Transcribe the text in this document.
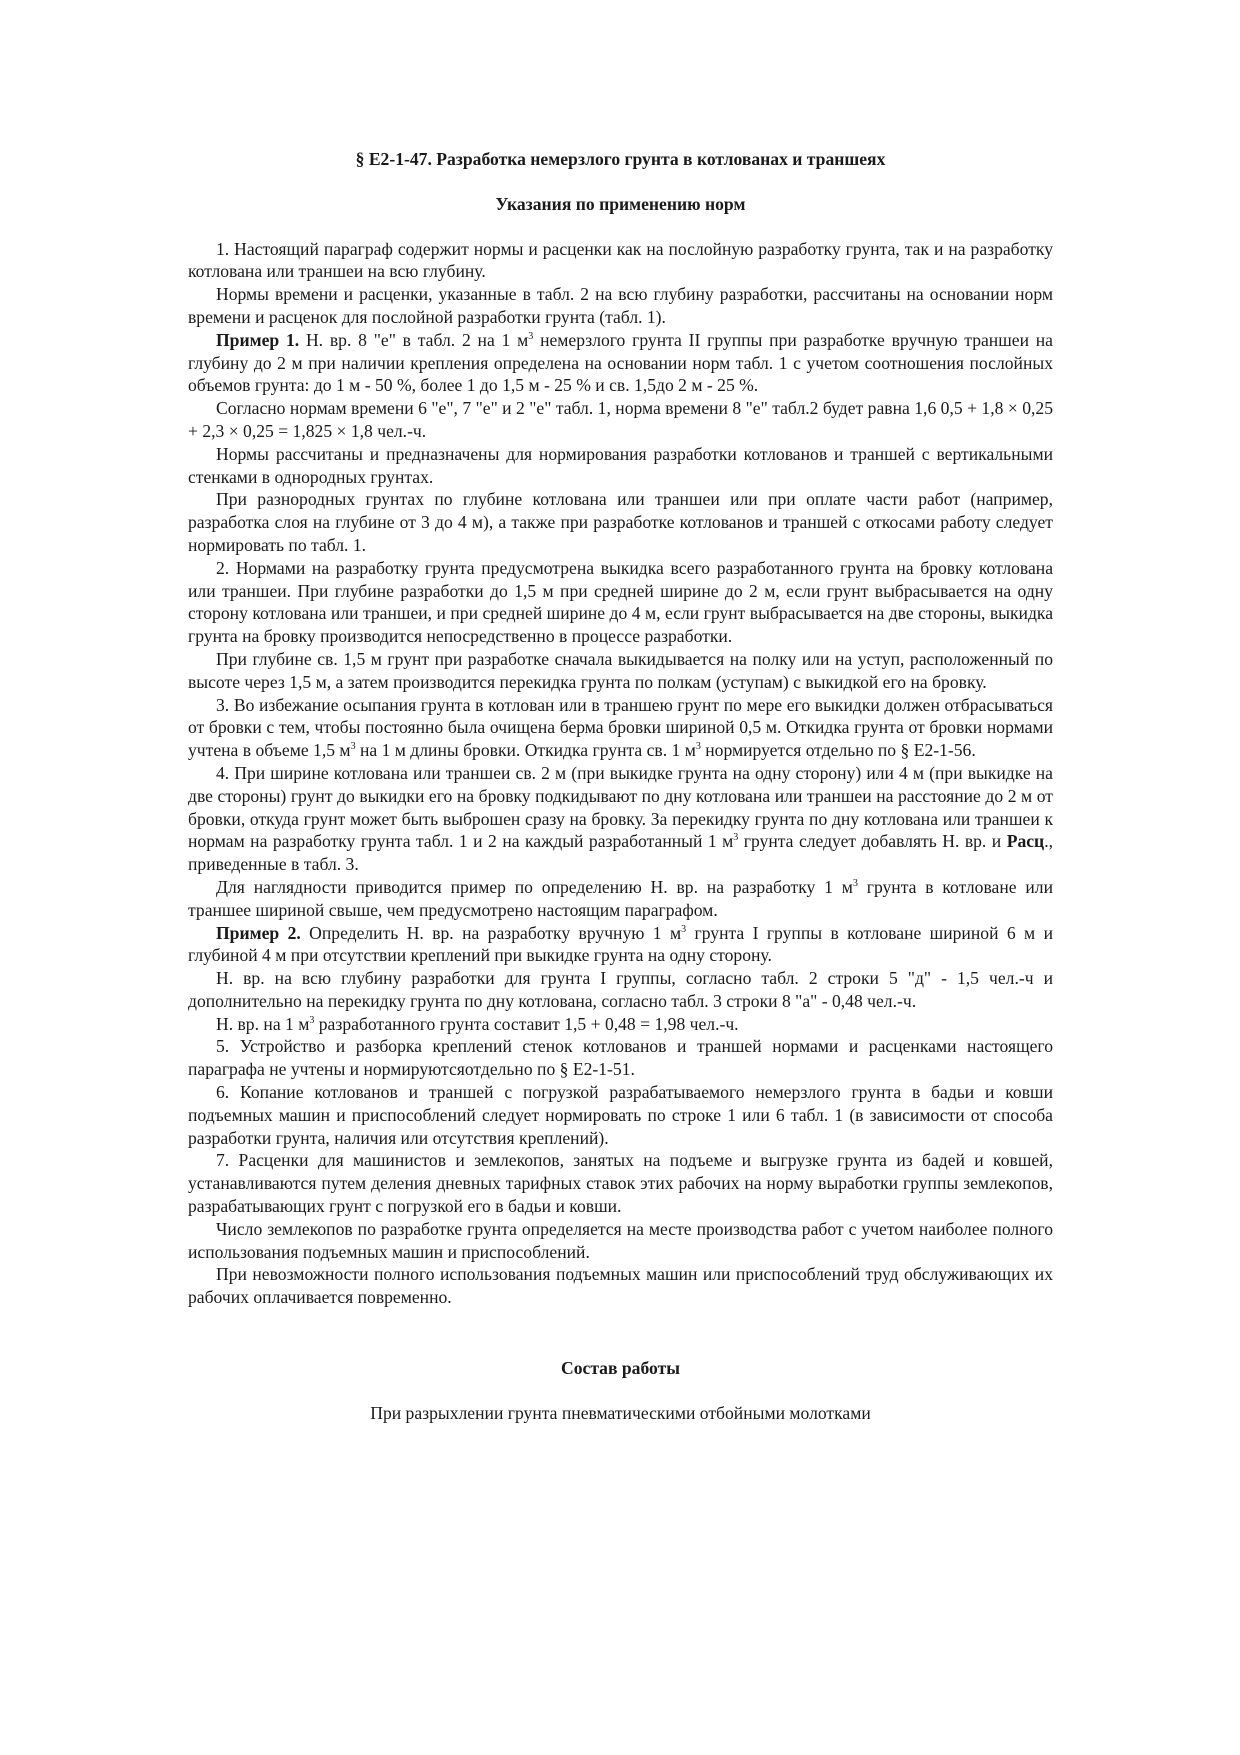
§ Е2-1-47. Разработка немерзлого грунта в котлованах и траншеях
Указания по применению норм

1. Настоящий параграф содержит нормы и расценки как на послойную разработку грунта, так и на разработку котлована или траншеи на всю глубину.

Нормы времени и расценки, указанные в табл. 2 на всю глубину разработки, рассчитаны на основании норм времени и расценок для послойной разработки грунта (табл. 1).

Пример 1. Н. вр. 8 "е" в табл. 2 на 1 $м^3$ немерзлого грунта II группы при разработке вручную траншеи на глубину до 2 м при наличии крепления определена на основании норм табл. 1 с учетом соотношения послойных объемов грунта: до 1 м - 50 %, более 1 до 1,5 м - 25 % и св. 1,5до 2 м - 25 %.

Согласно нормам времени 6 "е", 7 "е" и 2 "е" табл. 1, норма времени 8 "е" табл.2 будет равна 1,6 0,5 + 1,8 × 0,25 + 2,3 × 0,25 = 1,825 × 1,8 чел.-ч.

Нормы рассчитаны и предназначены для нормирования разработки котлованов и траншей с вертикальными стенками в однородных грунтах.

При разнородных грунтах по глубине котлована или траншеи или при оплате части работ (например, разработка слоя на глубине от 3 до 4 м), а также при разработке котлованов и траншей с откосами работу следует нормировать по табл. 1.

2. Нормами на разработку грунта предусмотрена выкидка всего разработанного грунта на бровку котлована или траншеи. При глубине разработки до 1,5 м при средней ширине до 2 м, если грунт выбрасывается на одну сторону котлована или траншеи, и при средней ширине до 4 м, если грунт выбрасывается на две стороны, выкидка грунта на бровку производится непосредственно в процессе разработки.

При глубине св. 1,5 м грунт при разработке сначала выкидывается на полку или на уступ, расположенный по высоте через 1,5 м, а затем производится перекидка грунта по полкам (уступам) с выкидкой его на бровку.

3. Во избежание осыпания грунта в котлован или в траншею грунт по мере его выкидки должен отбрасываться от бровки с тем, чтобы постоянно была очищена берма бровки шириной 0,5 м. Откидка грунта от бровки нормами учтена в объеме 1,5 $м^3$ на 1 м длины бровки. Откидка грунта св. 1 $м^3$ нормируется отдельно по § Е2-1-56.

4. При ширине котлована или траншеи св. 2 м (при выкидке грунта на одну сторону) или 4 м (при выкидке на две стороны) грунт до выкидки его на бровку подкидывают по дну котлована или траншеи на расстояние до 2 м от бровки, откуда грунт может быть выброшен сразу на бровку. За перекидку грунта по дну котлована или траншеи к нормам на разработку грунта табл. 1 и 2 на каждый разработанный 1 $м^3$ грунта следует добавлять Н. вр. и Расц., приведенные в табл. 3.

Для наглядности приводится пример по определению Н. вр. на разработку 1 $м^3$ грунта в котловане или траншее шириной свыше, чем предусмотрено настоящим параграфом.

Пример 2. Определить Н. вр. на разработку вручную 1 $м^3$ грунта I группы в котловане шириной 6 м и глубиной 4 м при отсутствии креплений при выкидке грунта на одну сторону.

Н. вр. на всю глубину разработки для грунта I группы, согласно табл. 2 строки 5 "д" - 1,5 чел.-ч и дополнительно на перекидку грунта по дну котлована, согласно табл. 3 строки 8 "а" - 0,48 чел.-ч.

Н. вр. на 1 $м^3$ разработанного грунта составит 1,5 + 0,48 = 1,98 чел.-ч.

5. Устройство и разборка креплений стенок котлованов и траншей нормами и расценками настоящего параграфа не учтены и нормируютсяотдельно по § Е2-1-51.

6. Копание котлованов и траншей с погрузкой разрабатываемого немерзлого грунта в бадьи и ковши подъемных машин и приспособлений следует нормировать по строке 1 или 6 табл. 1 (в зависимости от способа разработки грунта, наличия или отсутствия креплений).

7. Расценки для машинистов и землекопов, занятых на подъеме и выгрузке грунта из бадей и ковшей, устанавливаются путем деления дневных тарифных ставок этих рабочих на норму выработки группы землекопов, разрабатывающих грунт с погрузкой его в бадьи и ковши.

Число землекопов по разработке грунта определяется на месте производства работ с учетом наиболее полного использования подъемных машин и приспособлений.

При невозможности полного использования подъемных машин или приспособлений труд обслуживающих их рабочих оплачивается повременно.

Состав работы
При разрыхлении грунта пневматическими отбойными молотками
